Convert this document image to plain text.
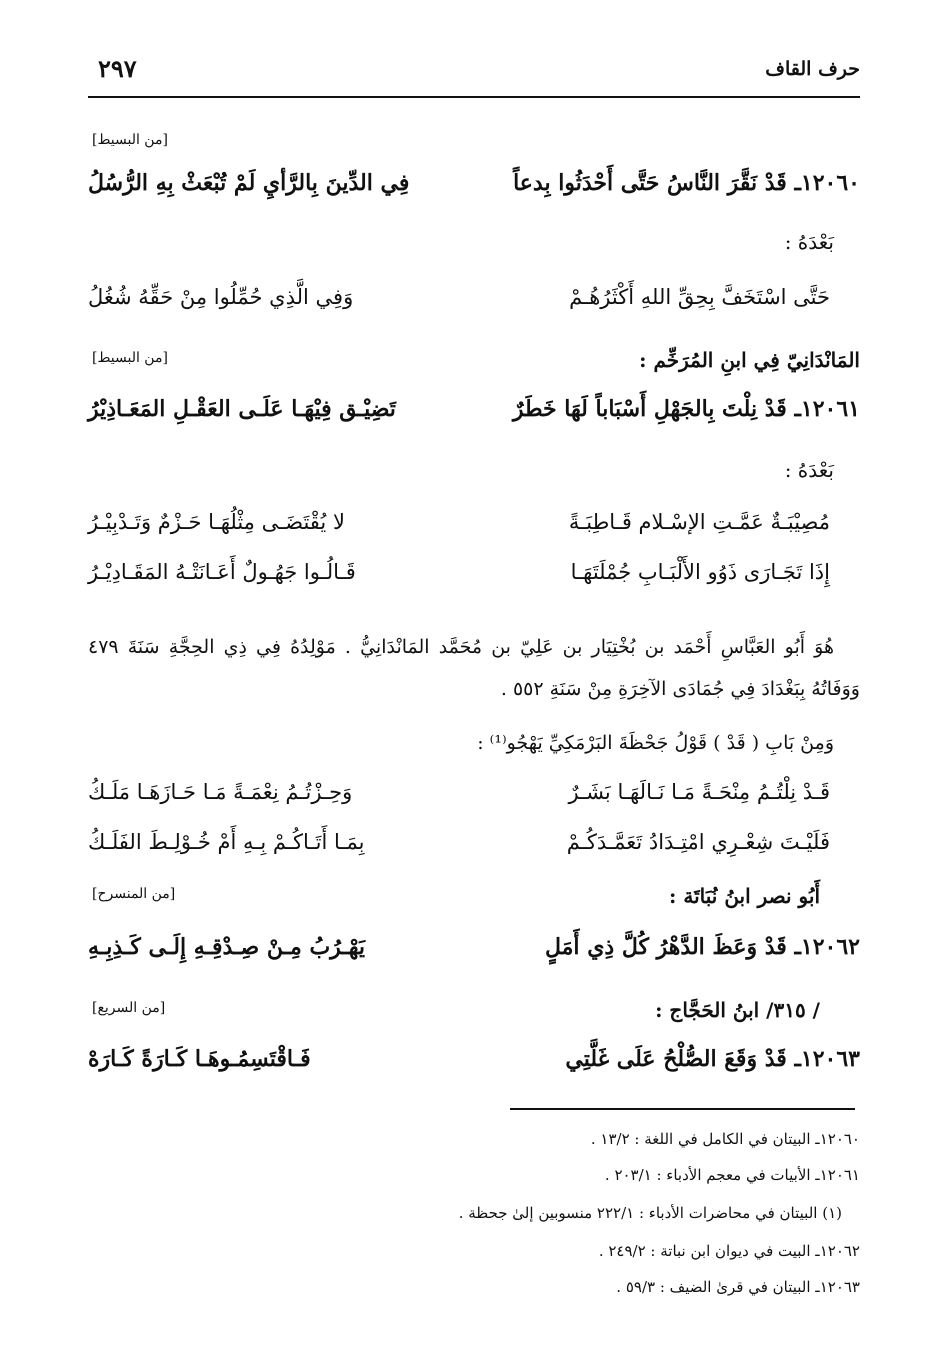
حرف القاف
٢٩٧
[من البسيط]
١٢٠٦٠ـ قَدْ نَقَّرَ النَّاسُ حَتَّى أَحْدَثُوا بِدعاً
فِي الدِّينَ بِالرَّأيِ لَمْ تُبْعَثْ بِهِ الرُّسُلُ
بَعْدَهُ :
حَتَّى اسْتَخَفَّ بِحِقِّ اللهِ أَكْثَرُهُـمْ
وَفِي الَّذِي حُمِّلُوا مِنْ حَقِّهُ شُغُلُ
المَانْدَانِيّ فِي ابنِ المُرَخِّم :
[من البسيط]
١٢٠٦١ـ قَدْ نِلْتَ بِالجَهْلِ أَسْبَاباً لَهَا خَطَرٌ
تَضِيْـق فِيْهَـا عَلَـى العَقْـلِ المَعَـاذِيْرُ
بَعْدَهُ :
مُصِيْبَـةٌ عَمَّـتِ الإسْـلام قَـاطِبَـةً
لا يُقْتَضَـى مِثْلُهَـا حَـزْمٌ وَتَـدْبِيْـرُ
إِذَا تَجَـارَى ذَوُو الأَلْبَـابِ جُمْلَتَهَـا
قَـالُـوا جَهُـولٌ أَعَـانَتْـهُ المَقَـادِيْـرُ
هُوَ أَبُو العَبَّاسِ أَحْمَد بن بُخْتِيَار بن عَلِيّ بن مُحَمَّد المَانْدَانِيُّ . مَوْلِدُهُ فِي ذِي الحِجَّةِ سَنَةَ ٤٧٩ وَوَفَاتُهُ بِبَغْدَادَ فِي جُمَادَى الآخِرَةِ مِنْ سَنَةِ ٥٥٢ .
وَمِنْ بَابِ ( قَدْ ) قَوْلُ جَحْظَةَ البَرْمَكِيِّ يَهْجُو⁽¹⁾ :
قَـدْ نِلْتُـمُ مِنْحَـةً مَـا نَـالَهَـا بَشَـرٌ
وَحِـزْتُـمُ نِعْمَـةً مَـا حَـازَهَـا مَلَـكُ
فَلَيْـتَ شِعْـرِي امْتِـدَادُ تَعَمَّـدَكُـمْ
بِمَـا أَتَـاكُـمْ بِـهِ أَمْ خُـوْلِـطَ الفَلَـكُ
أَبُو نصر ابنُ نُبَاتَة :
[من المنسرح]
١٢٠٦٢ـ قَدْ وَعَظَ الدَّهْرُ كُلَّ ذِي أَمَلٍ
يَهْـرُبُ مِـنْ صِـدْقِـهِ إِلَـى كَـذِبِـهِ
/ ٣١٥/ ابنُ الحَجَّاج :
[من السريع]
١٢٠٦٣ـ قَدْ وَقَعَ الصُّلْحُ عَلَى غَلَّتِي
فَـاقْتَسِمُـوهَـا كَـارَةً كَـارَهْ
١٢٠٦٠ـ البيتان في الكامل في اللغة : ١٣/٢ .
١٢٠٦١ـ الأبيات في معجم الأدباء : ٢٠٣/١ .
(١) البيتان في محاضرات الأدباء : ٢٢٢/١ منسوبين إلىٰ جحظة .
١٢٠٦٢ـ البيت في ديوان ابن نباتة : ٢٤٩/٢ .
١٢٠٦٣ـ البيتان في قرىٰ الضيف : ٥٩/٣ .
